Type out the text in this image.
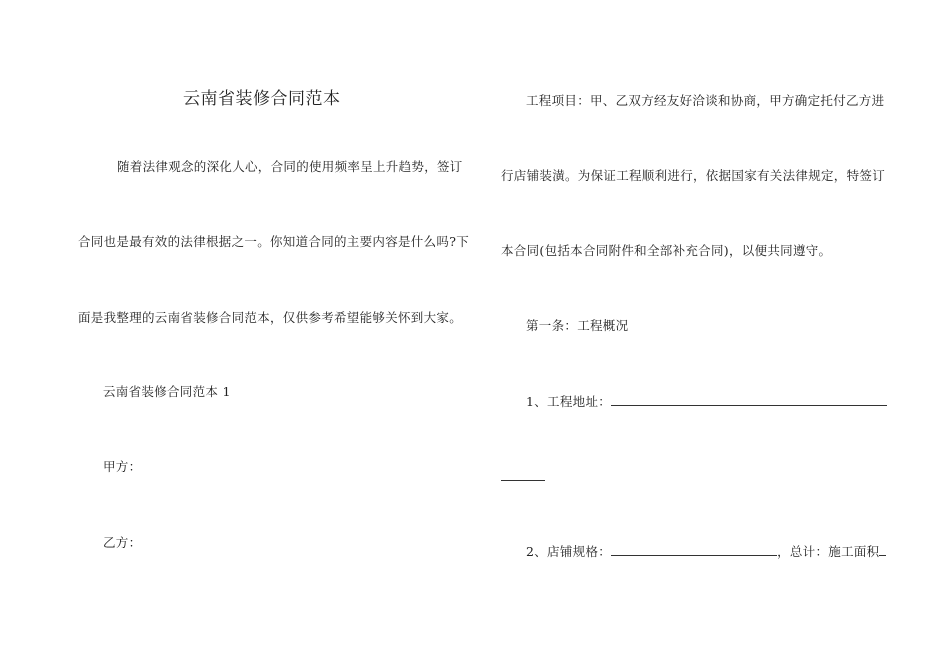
云南省装修合同范本
随着法律观念的深化人心，合同的使用频率呈上升趋势，签订
合同也是最有效的法律根据之一。你知道合同的主要内容是什么吗?下
面是我整理的云南省装修合同范本，仅供参考希望能够关怀到大家。
云南省装修合同范本 1
甲方：
乙方：
工程项目：甲、乙双方经友好洽谈和协商，甲方确定托付乙方进
行店铺装潢。为保证工程顺利进行，依据国家有关法律规定，特签订
本合同(包括本合同附件和全部补充合同)，以便共同遵守。
第一条：工程概况
1、工程地址：
2、店铺规格：	，总计：施工面积
